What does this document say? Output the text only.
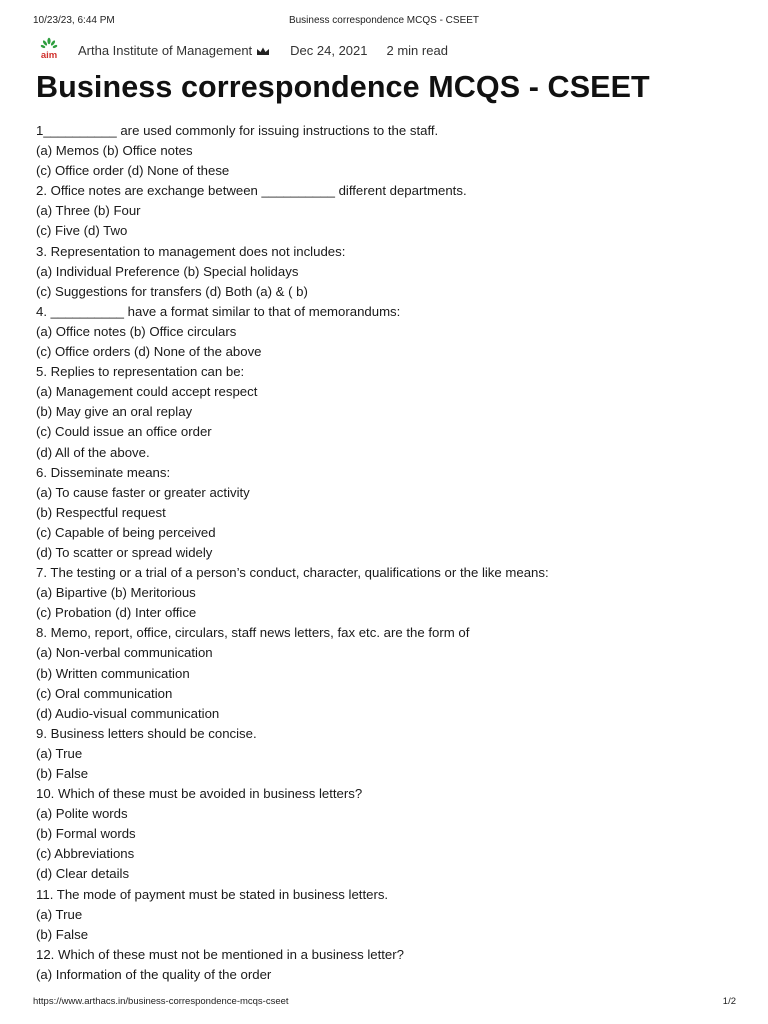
10/23/23, 6:44 PM	Business correspondence MCQS - CSEET
aim Artha Institute of Management	Dec 24, 2021 2 min read
Business correspondence MCQS - CSEET
1__________ are used commonly for issuing instructions to the staff.
(a) Memos (b) Office notes
(c) Office order (d) None of these
2. Office notes are exchange between __________ different departments.
(a) Three (b) Four
(c) Five (d) Two
3. Representation to management does not includes:
(a) Individual Preference (b) Special holidays
(c) Suggestions for transfers (d) Both (a) & ( b)
4. __________ have a format similar to that of memorandums:
(a) Office notes (b) Office circulars
(c) Office orders (d) None of the above
5. Replies to representation can be:
(a) Management could accept respect
(b) May give an oral replay
(c) Could issue an office order
(d) All of the above.
6. Disseminate means:
(a) To cause faster or greater activity
(b) Respectful request
(c) Capable of being perceived
(d) To scatter or spread widely
7. The testing or a trial of a person’s conduct, character, qualifications or the like means:
(a) Bipartive (b) Meritorious
(c) Probation (d) Inter office
8. Memo, report, office, circulars, staff news letters, fax etc. are the form of
(a) Non-verbal communication
(b) Written communication
(c) Oral communication
(d) Audio-visual communication
9. Business letters should be concise.
(a) True
(b) False
10. Which of these must be avoided in business letters?
(a) Polite words
(b) Formal words
(c) Abbreviations
(d) Clear details
11. The mode of payment must be stated in business letters.
(a) True
(b) False
12. Which of these must not be mentioned in a business letter?
(a) Information of the quality of the order
https://www.arthacs.in/business-correspondence-mcqs-cseet	1/2
